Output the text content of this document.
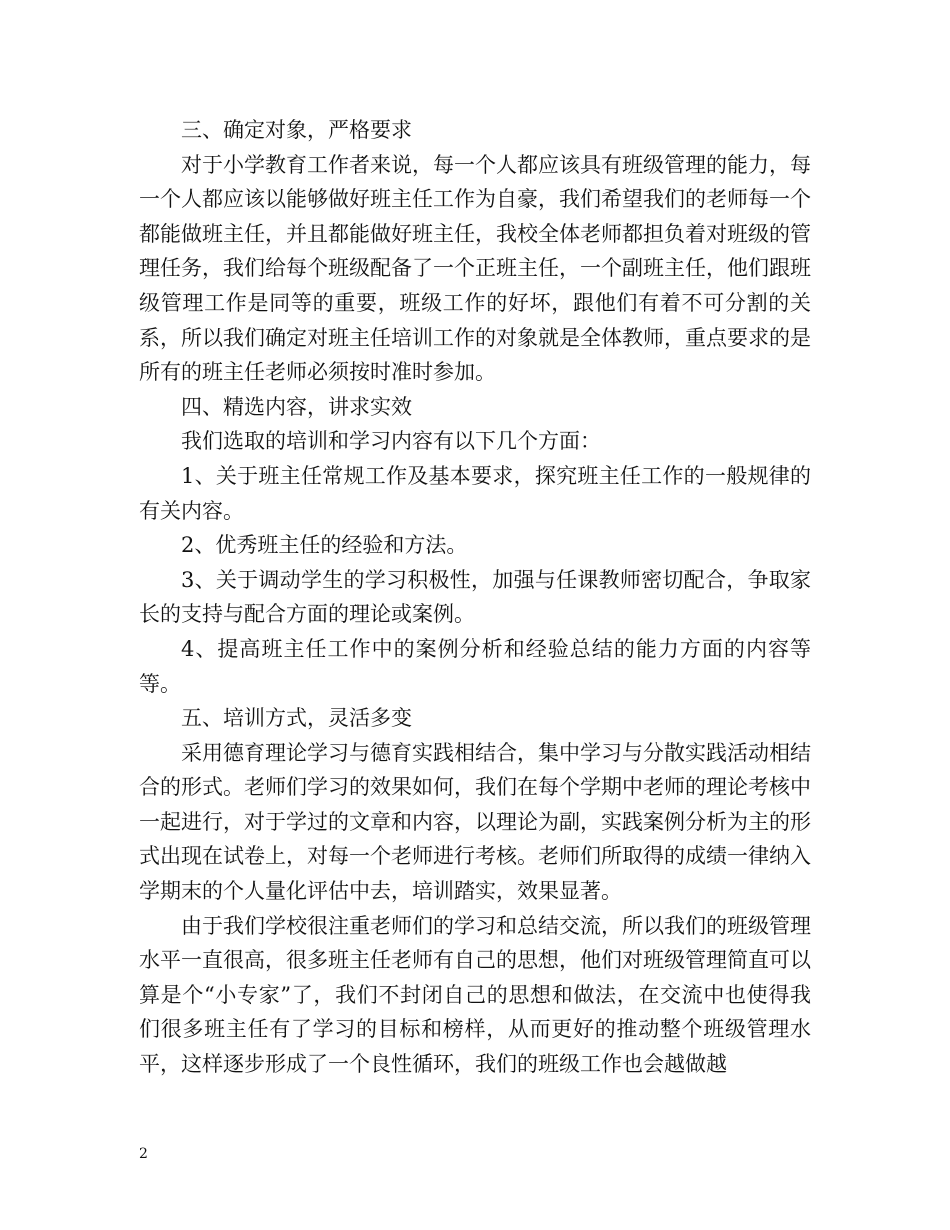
三、确定对象，严格要求

对于小学教育工作者来说，每一个人都应该具有班级管理的能力，每一个人都应该以能够做好班主任工作为自豪，我们希望我们的老师每一个都能做班主任，并且都能做好班主任，我校全体老师都担负着对班级的管理任务，我们给每个班级配备了一个正班主任，一个副班主任，他们跟班级管理工作是同等的重要，班级工作的好坏，跟他们有着不可分割的关系，所以我们确定对班主任培训工作的对象就是全体教师，重点要求的是所有的班主任老师必须按时准时参加。

四、精选内容，讲求实效

我们选取的培训和学习内容有以下几个方面：

1、关于班主任常规工作及基本要求，探究班主任工作的一般规律的有关内容。

2、优秀班主任的经验和方法。

3、关于调动学生的学习积极性，加强与任课教师密切配合，争取家长的支持与配合方面的理论或案例。

4、提高班主任工作中的案例分析和经验总结的能力方面的内容等等。

五、培训方式，灵活多变

采用德育理论学习与德育实践相结合，集中学习与分散实践活动相结合的形式。老师们学习的效果如何，我们在每个学期中老师的理论考核中一起进行，对于学过的文章和内容，以理论为副，实践案例分析为主的形式出现在试卷上，对每一个老师进行考核。老师们所取得的成绩一律纳入学期末的个人量化评估中去，培训踏实，效果显著。

由于我们学校很注重老师们的学习和总结交流，所以我们的班级管理水平一直很高，很多班主任老师有自己的思想，他们对班级管理简直可以算是个“小专家”了，我们不封闭自己的思想和做法，在交流中也使得我们很多班主任有了学习的目标和榜样，从而更好的推动整个班级管理水平，这样逐步形成了一个良性循环，我们的班级工作也会越做越

2
